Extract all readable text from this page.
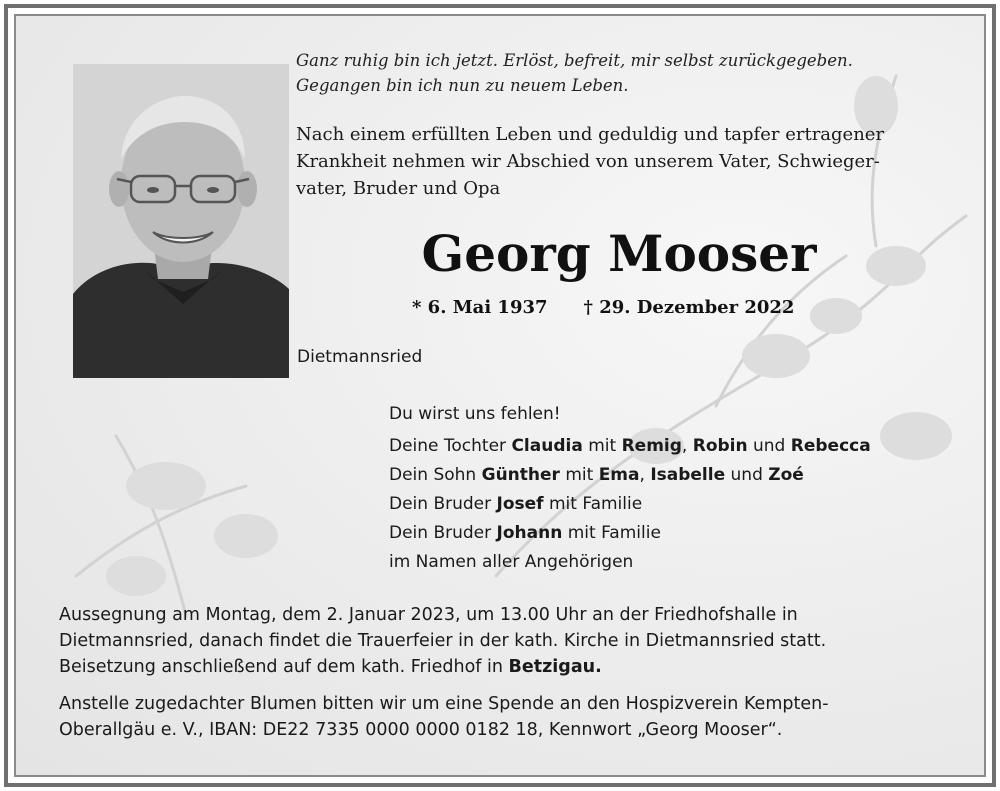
Ganz ruhig bin ich jetzt. Erlöst, befreit, mir selbst zurückgegeben.
Gegangen bin ich nun zu neuem Leben.
Nach einem erfüllten Leben und geduldig und tapfer ertragener
Krankheit nehmen wir Abschied von unserem Vater, Schwieger-
vater, Bruder und Opa
Georg Mooser
* 6. Mai 1937 † 29. Dezember 2022
Dietmannsried
Du wirst uns fehlen!
Deine Tochter Claudia mit Remig, Robin und Rebecca
Dein Sohn Günther mit Ema, Isabelle und Zoé
Dein Bruder Josef mit Familie
Dein Bruder Johann mit Familie
im Namen aller Angehörigen
Aussegnung am Montag, dem 2. Januar 2023, um 13.00 Uhr an der Friedhofshalle in
Dietmannsried, danach findet die Trauerfeier in der kath. Kirche in Dietmannsried statt.
Beisetzung anschließend auf dem kath. Friedhof in Betzigau.
Anstelle zugedachter Blumen bitten wir um eine Spende an den Hospizverein Kempten-
Oberallgäu e. V., IBAN: DE22 7335 0000 0000 0182 18, Kennwort „Georg Mooser“.
